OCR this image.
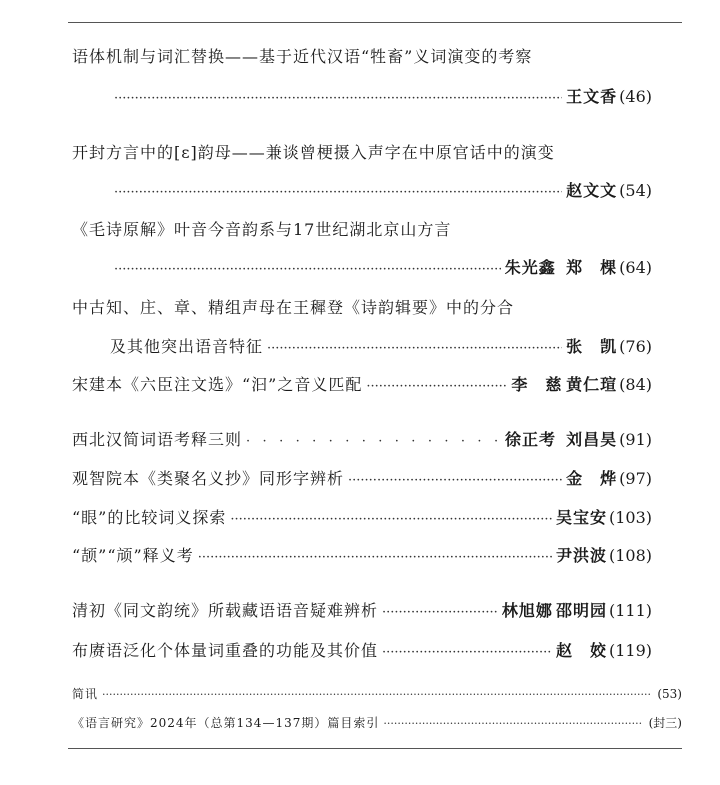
语体机制与词汇替换——基于近代汉语“牲畜”义词演变的考察
·····
王文香 (46)
开封方言中的[ɛ]韵母——兼谈曾梗摄入声字在中原官话中的演变
·····
赵文文 (54)
《毛诗原解》叶音今音韵系与17世纪湖北京山方言
·····
朱光鑫 郑　棵 (64)
中古知、庄、章、精组声母在王穉登《诗韵辑要》中的分合
及其他突出语音特征 ·····	张　凯 (76)
宋建本《六臣注文选》“汩”之音义匹配 ·····	李　慈 黄仁瑄 (84)
西北汉简词语考释三则 · ·	徐正考 刘昌昊 (91)
观智院本《类聚名义抄》同形字辨析 ·····	金　烨 (97)
“眼”的比较词义探索 ·····	吴宝安 (103)
“颉”“颃”释义考 ·····	尹洪波 (108)
清初《同文韵统》所载藏语语音疑难辨析 ·····	林旭娜 邵明园 (111)
布赓语泛化个体量词重叠的功能及其价值 ·····	赵　姣 (119)
简讯 ·····	(53)
《语言研究》2024年（总第134—137期）篇目索引 ·····	(封三)
